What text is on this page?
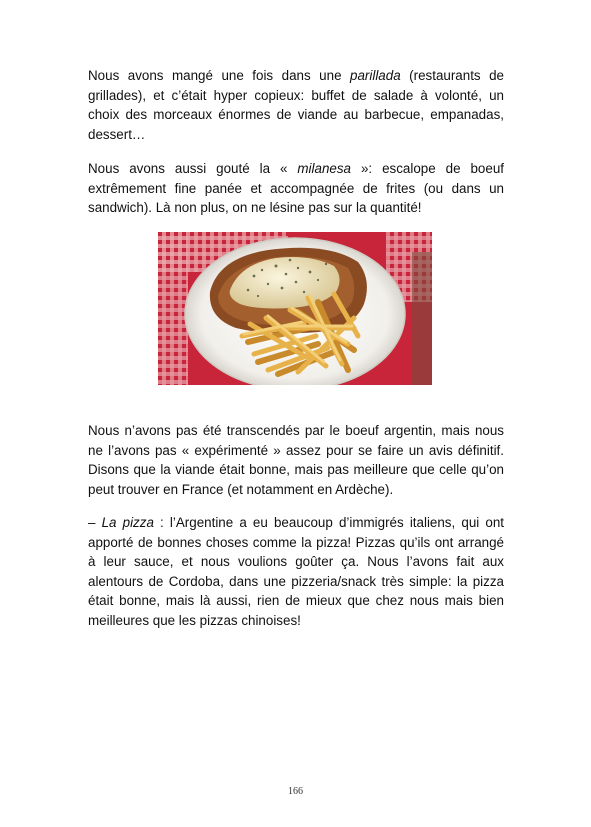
Nous avons mangé une fois dans une parillada (restaurants de grillades), et c’était hyper copieux: buffet de salade à volonté, un choix des morceaux énormes de viande au barbecue, empanadas, dessert…

Nous avons aussi gouté la « milanesa »: escalope de boeuf extrêmement fine panée et accompagnée de frites (ou dans un sandwich). Là non plus, on ne lésine pas sur la quantité!

Nous n’avons pas été transcendés par le boeuf argentin, mais nous ne l’avons pas « expérimenté » assez pour se faire un avis définitif. Disons que la viande était bonne, mais pas meilleure que celle qu’on peut trouver en France (et notamment en Ardèche).

– La pizza : l’Argentine a eu beaucoup d’immigrés italiens, qui ont apporté de bonnes choses comme la pizza! Pizzas qu’ils ont arrangé à leur sauce, et nous voulions goûter ça. Nous l’avons fait aux alentours de Cordoba, dans une pizzeria/snack très simple: la pizza était bonne, mais là aussi, rien de mieux que chez nous mais bien meilleures que les pizzas chinoises!

166
